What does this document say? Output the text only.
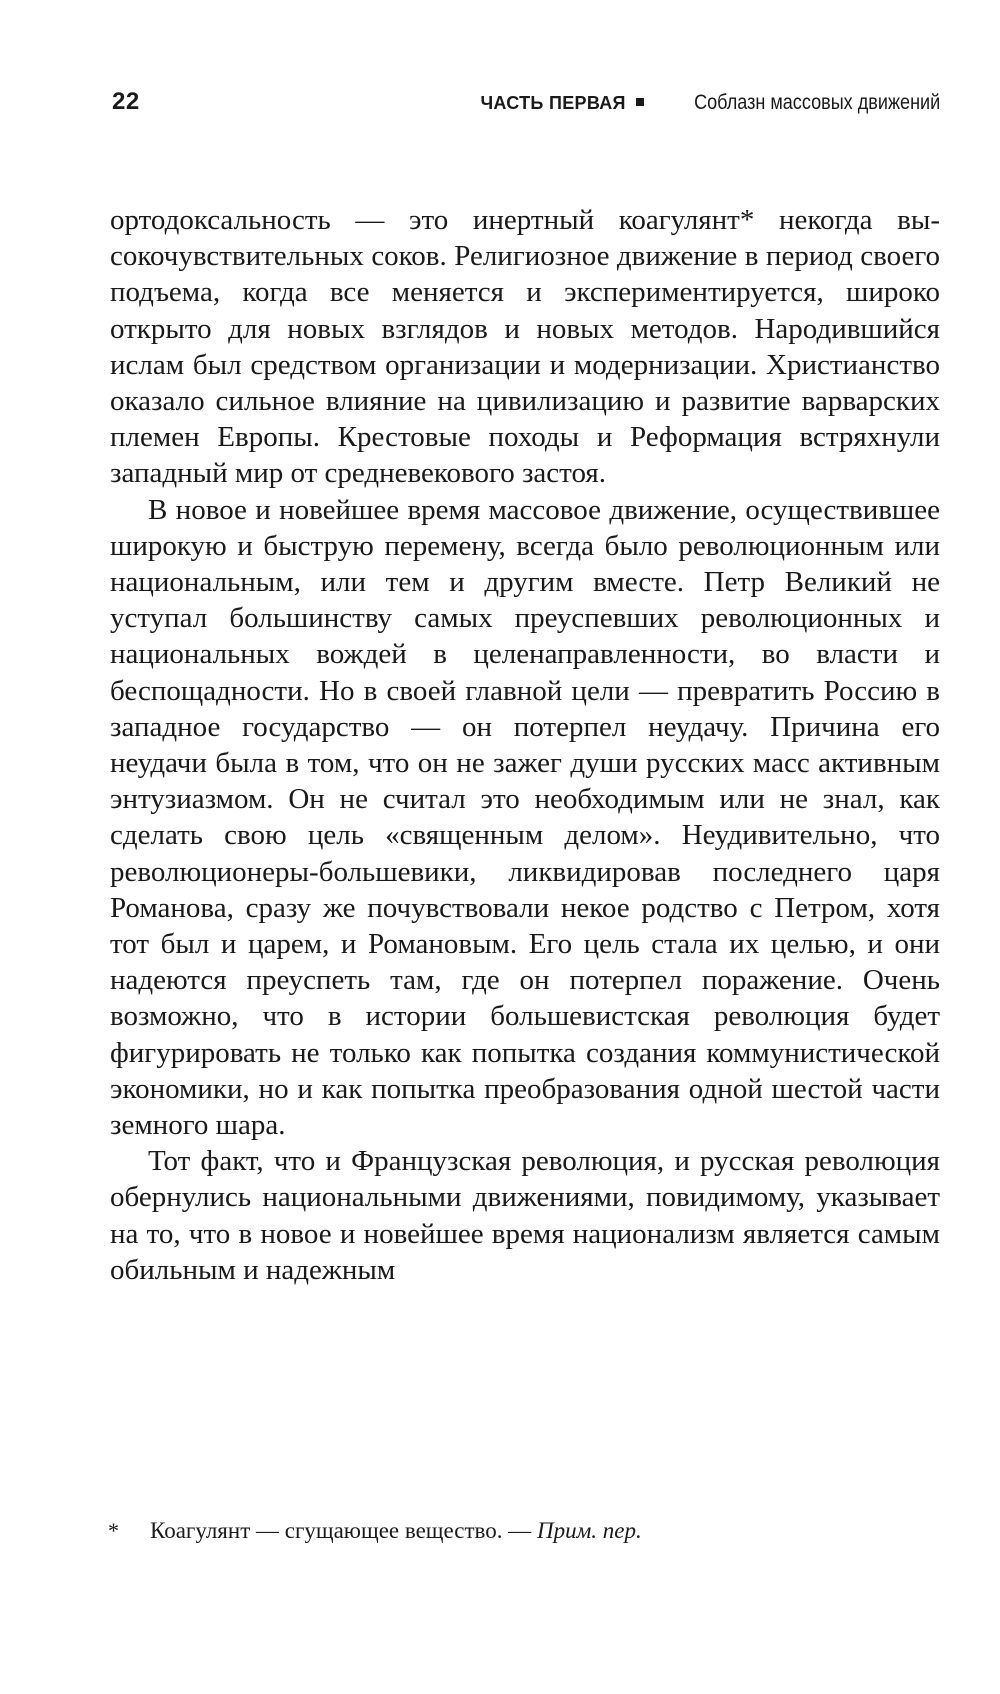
22	ЧАСТЬ ПЕРВАЯ	Соблазн массовых движений

ортодоксальность — это инертный коагулянт* некогда высокочувствительных соков. Религиозное движение в период своего подъема, когда все меняется и экспериментируется, широко открыто для новых взглядов и новых методов. Народившийся ислам был средством организации и модернизации. Христианство оказало сильное влияние на цивилизацию и развитие варварских племен Европы. Крестовые походы и Реформация встряхнули западный мир от средневекового застоя.

В новое и новейшее время массовое движение, осуществившее широкую и быструю перемену, всегда было революционным или национальным, или тем и другим вместе. Петр Великий не уступал большинству самых преуспевших революционных и национальных вождей в целенаправленности, во власти и беспощадности. Но в своей главной цели — превратить Россию в западное государство — он потерпел неудачу. Причина его неудачи была в том, что он не зажег души русских масс активным энтузиазмом. Он не считал это необходимым или не знал, как сделать свою цель «священным делом». Неудивительно, что революционеры-большевики, ликвидировав последнего царя Романова, сразу же почувствовали некое родство с Петром, хотя тот был и царем, и Романовым. Его цель стала их целью, и они надеются преуспеть там, где он потерпел поражение. Очень возможно, что в истории большевистская революция будет фигурировать не только как попытка создания коммунистической экономики, но и как попытка преобразования одной шестой части земного шара.

Тот факт, что и Французская революция, и русская революция обернулись национальными движениями, повидимому, указывает на то, что в новое и новейшее время национализм является самым обильным и надежным

*	Коагулянт — сгущающее вещество. — Прим. пер.
